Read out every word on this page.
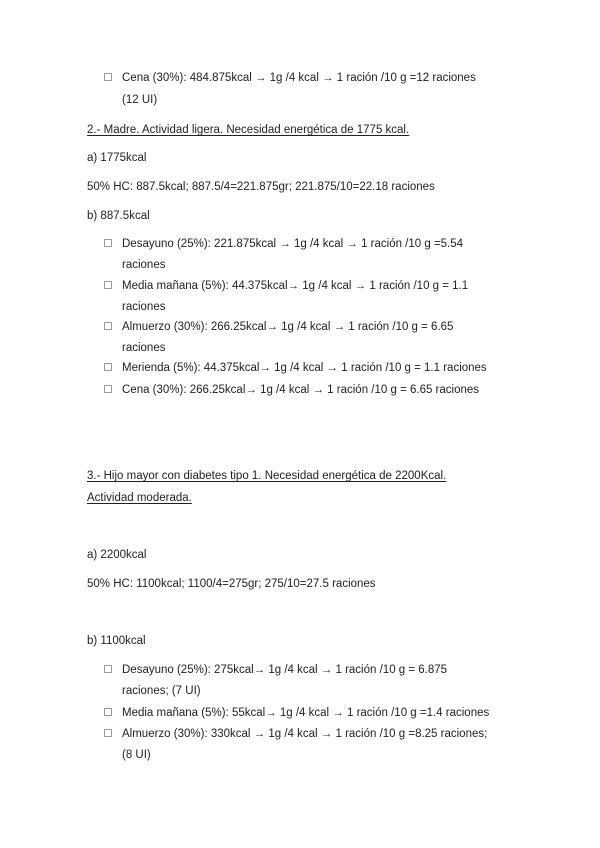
Cena (30%): 484.875kcal → 1g /4 kcal → 1 ración /10 g =12 raciones
(12 UI)
2.- Madre. Actividad ligera. Necesidad energética de 1775 kcal.
a) 1775kcal
50% HC: 887.5kcal; 887.5/4=221.875gr; 221.875/10=22.18 raciones
b) 887.5kcal
Desayuno (25%): 221.875kcal → 1g /4 kcal → 1 ración /10 g =5.54
raciones
Media mañana (5%): 44.375kcal→ 1g /4 kcal → 1 ración /10 g = 1.1
raciones
Almuerzo (30%): 266.25kcal→ 1g /4 kcal → 1 ración /10 g = 6.65
raciones
Merienda (5%): 44.375kcal→ 1g /4 kcal → 1 ración /10 g = 1.1 raciones
Cena (30%): 266.25kcal→ 1g /4 kcal → 1 ración /10 g = 6.65 raciones
3.- Hijo mayor con diabetes tipo 1. Necesidad energética de 2200Kcal.
Actividad moderada.
a) 2200kcal
50% HC: 1100kcal; 1100/4=275gr; 275/10=27.5 raciones
b) 1100kcal
Desayuno (25%): 275kcal→ 1g /4 kcal → 1 ración /10 g = 6.875
raciones; (7 UI)
Media mañana (5%): 55kcal→ 1g /4 kcal → 1 ración /10 g =1.4 raciones
Almuerzo (30%): 330kcal → 1g /4 kcal → 1 ración /10 g =8.25 raciones;
(8 UI)
